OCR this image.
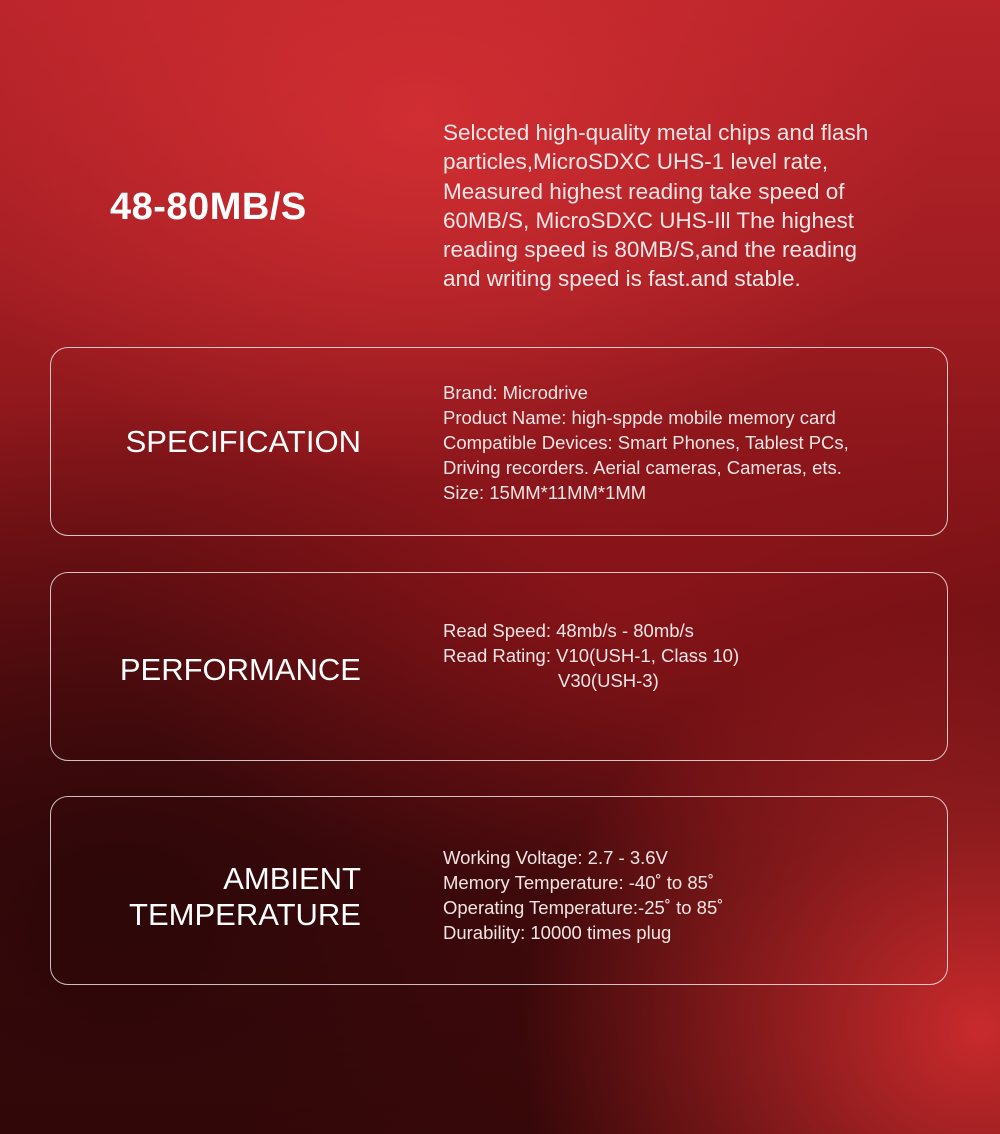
48-80MB/S
Selccted high-quality metal chips and flash
particles,MicroSDXC UHS-1 level rate,
Measured highest reading take speed of
60MB/S, MicroSDXC UHS-Ill The highest
reading speed is 80MB/S,and the reading
and writing speed is fast.and stable.
SPECIFICATION
Brand: Microdrive
Product Name: high-sppde mobile memory card
Compatible Devices: Smart Phones, Tablest PCs,
Driving recorders. Aerial cameras, Cameras, ets.
Size: 15MM*11MM*1MM
PERFORMANCE
Read Speed: 48mb/s - 80mb/s
Read Rating: V10(USH-1, Class 10)
V30(USH-3)
AMBIENT
TEMPERATURE
Working Voltage: 2.7 - 3.6V
Memory Temperature: -40˚ to 85˚
Operating Temperature:-25˚ to 85˚
Durability: 10000 times plug
